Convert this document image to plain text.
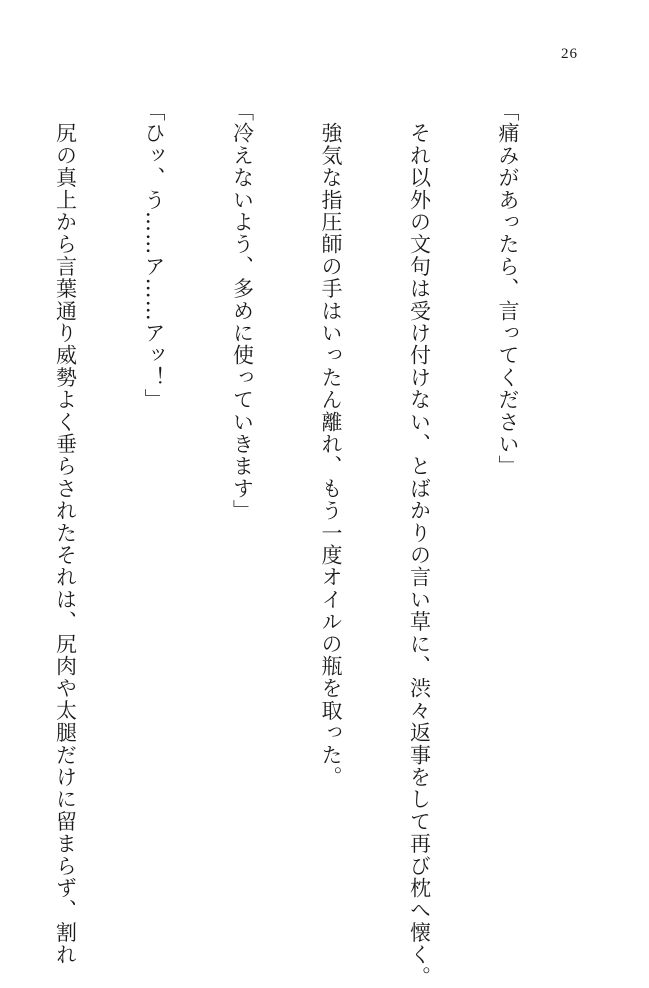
26

「痛みがあったら、言ってください」

　それ以外の文句は受け付けない、とばかりの言い草に、渋々返事をして再び枕へ懐く。

　強気な指圧師の手はいったん離れ、もう一度オイルの瓶を取った。

「冷えないよう、多めに使っていきます」

「ひッ、う……ア……アッ！」

　尻の真上から言葉通り威勢よく垂らされたそれは、尻肉や太腿だけに留まらず、割れ
